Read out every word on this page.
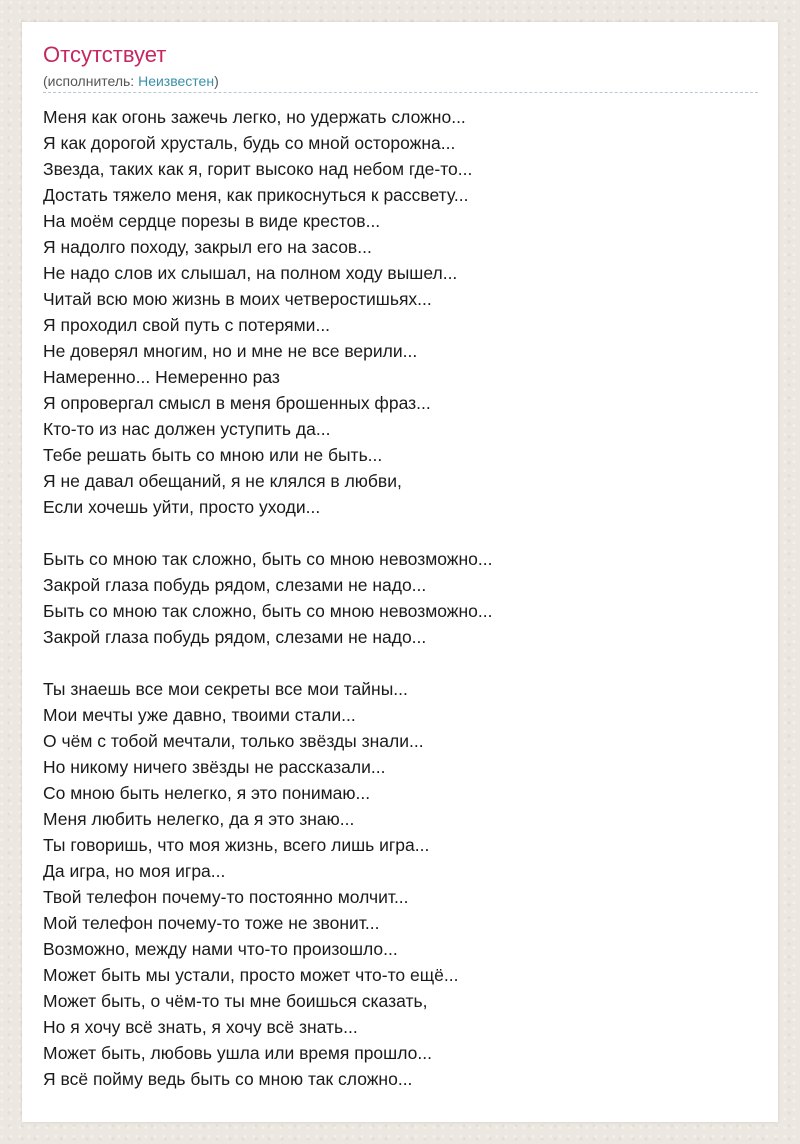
Отсутствует
(исполнитель: Неизвестен)
Меня как огонь зажечь легко, но удержать сложно...
Я как дорогой хрусталь, будь со мной осторожна...
Звезда, таких как я, горит высоко над небом где-то...
Достать тяжело меня, как прикоснуться к рассвету...
На моём сердце порезы в виде крестов...
Я надолго походу, закрыл его на засов...
Не надо слов их слышал, на полном ходу вышел...
Читай всю мою жизнь в моих четверостишьях...
Я проходил свой путь с потерями...
Не доверял многим, но и мне не все верили...
Намеренно... Немеренно раз
Я опровергал смысл в меня брошенных фраз...
Кто-то из нас должен уступить да...
Тебе решать быть со мною или не быть...
Я не давал обещаний, я не клялся в любви,
Если хочешь уйти, просто уходи...
Быть со мною так сложно, быть со мною невозможно...
Закрой глаза побудь рядом, слезами не надо...
Быть со мною так сложно, быть со мною невозможно...
Закрой глаза побудь рядом, слезами не надо...
Ты знаешь все мои секреты все мои тайны...
Мои мечты уже давно, твоими стали...
О чём с тобой мечтали, только звёзды знали...
Но никому ничего звёзды не рассказали...
Со мною быть нелегко, я это понимаю...
Меня любить нелегко, да я это знаю...
Ты говоришь, что моя жизнь, всего лишь игра...
Да игра, но моя игра...
Твой телефон почему-то постоянно молчит...
Мой телефон почему-то тоже не звонит...
Возможно, между нами что-то произошло...
Может быть мы устали, просто может что-то ещё...
Может быть, о чём-то ты мне боишься сказать,
Но я хочу всё знать, я хочу всё знать...
Может быть, любовь ушла или время прошло...
Я всё пойму ведь быть со мною так сложно...
